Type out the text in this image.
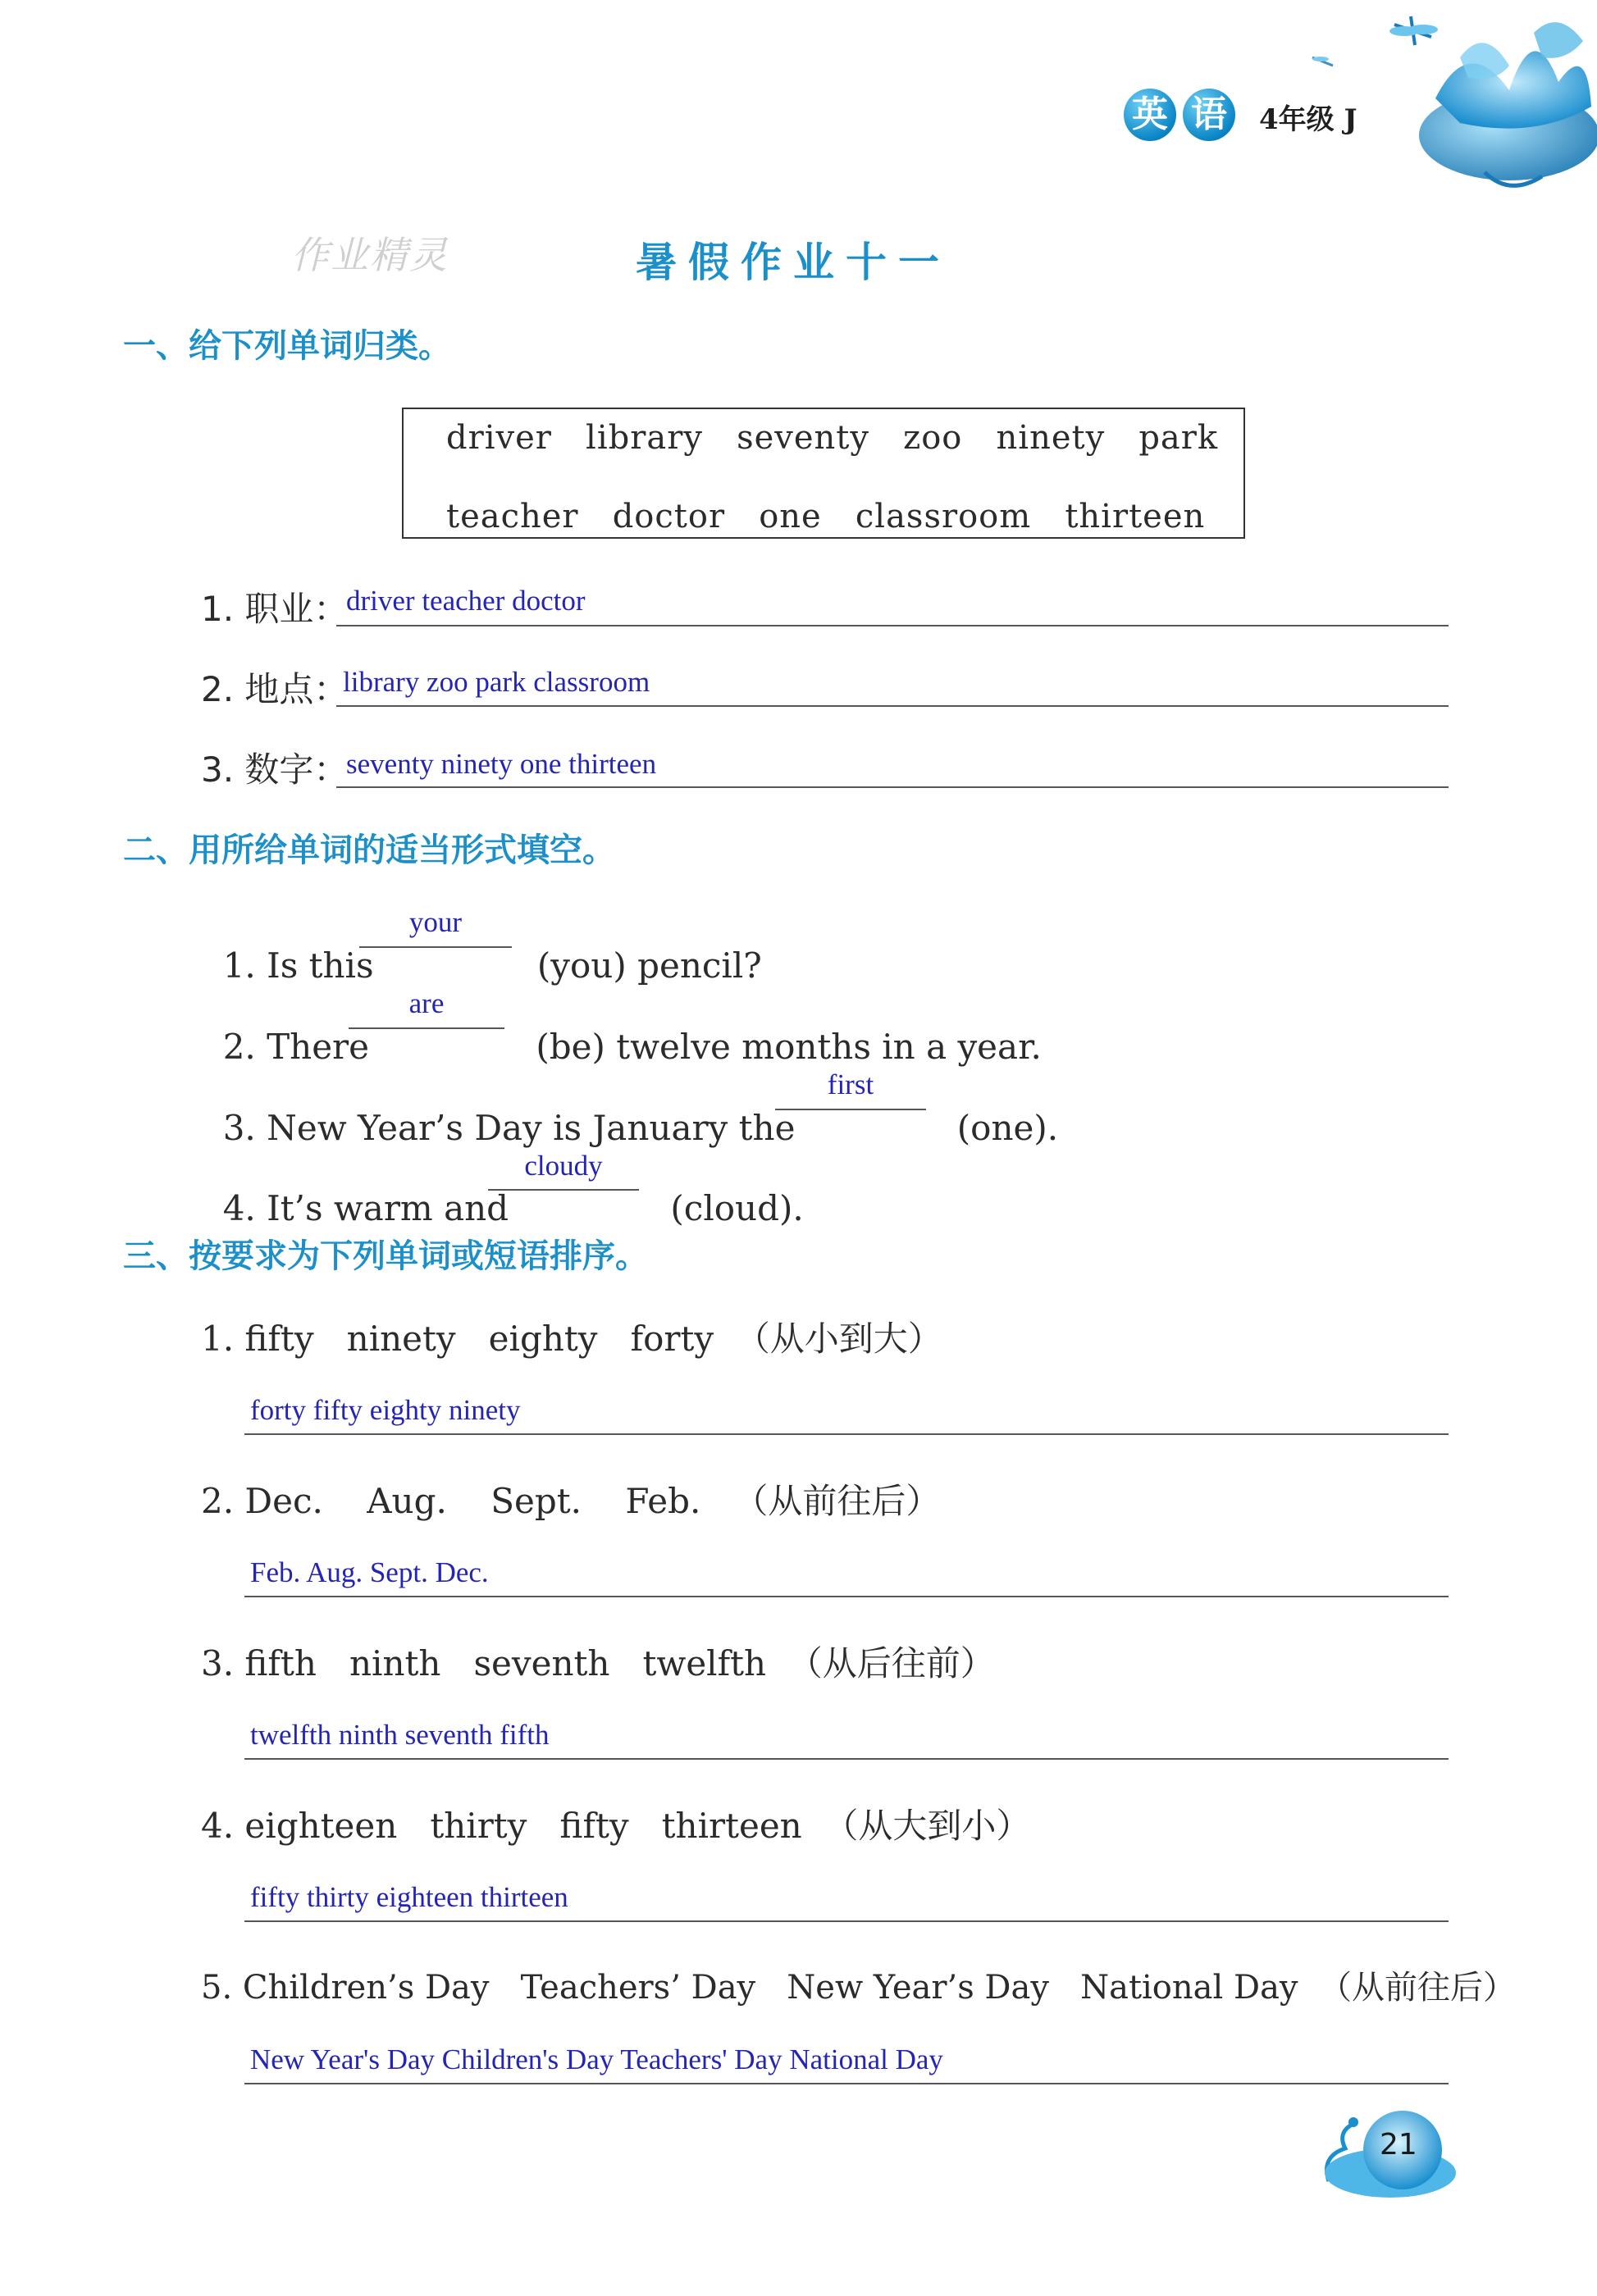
英 语 4年级 J
作业精灵	暑假作业十一
一、给下列单词归类。
driver   library   seventy   zoo   ninety   park
teacher   doctor   one   classroom   thirteen
1. 职业：
driver teacher doctor
2. 地点：
library zoo park classroom
3. 数字：
seventy ninety one thirteen
二、用所给单词的适当形式填空。

1. Is this	(you) pencil?

your

2. There	(be) twelve months in a year.

are

3. New Year’s Day is January the	(one).

first

4. It’s warm and	(cloud).

cloudy
三、按要求为下列单词或短语排序。
1. fifty   ninety   eighty   forty  （从小到大）
forty fifty eighty ninety
2. Dec.    Aug.    Sept.    Feb.   （从前往后）
Feb. Aug. Sept. Dec.
3. fifth   ninth   seventh   twelfth  （从后往前）
twelfth ninth seventh fifth
4. eighteen   thirty   fifty   thirteen  （从大到小）
fifty thirty eighteen thirteen
5. Children’s Day   Teachers’ Day   New Year’s Day   National Day  （从前往后）
New Year's Day Children's Day Teachers' Day National Day
21
